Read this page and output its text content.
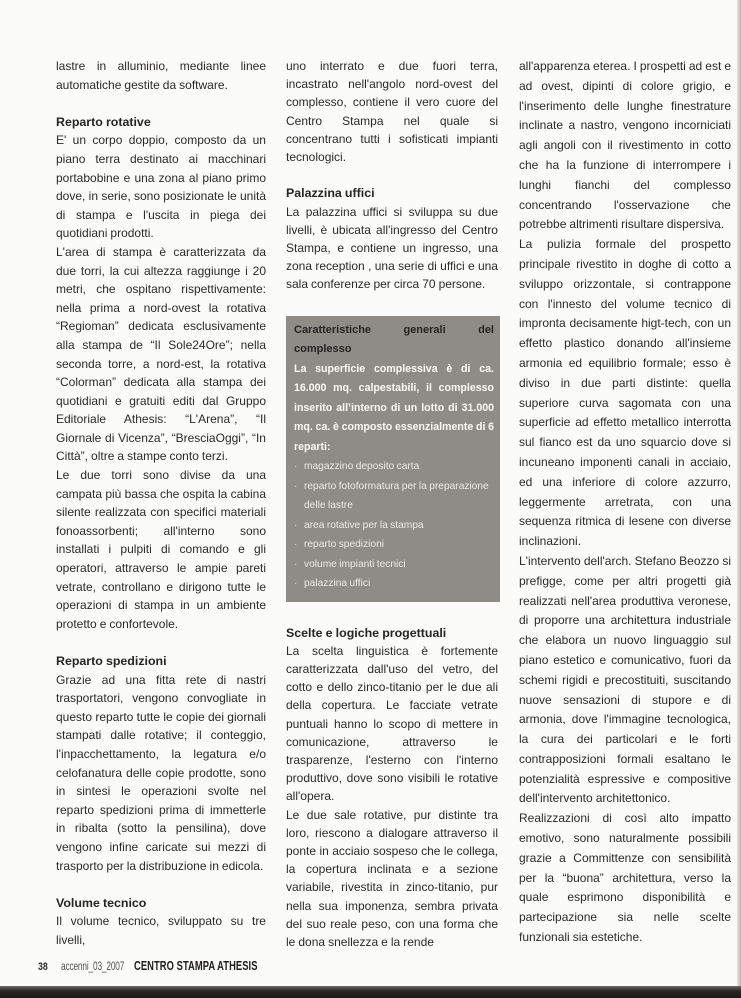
lastre in alluminio, mediante linee automatiche gestite da software.

Reparto rotative

E' un corpo doppio, composto da un piano terra destinato ai macchinari portabobine e una zona al piano primo dove, in serie, sono posizionate le unità di stampa e l'uscita in piega dei quotidiani prodotti.

L'area di stampa è caratterizzata da due torri, la cui altezza raggiunge i 20 metri, che ospitano rispettivamente: nella prima a nord-ovest la rotativa “Regioman” dedicata esclusivamente alla stampa de “Il Sole24Ore”; nella seconda torre, a nord-est, la rotativa “Colorman” dedicata alla stampa dei quotidiani e gratuiti editi dal Gruppo Editoriale Athesis: “L'Arena”, “Il Giornale di Vicenza”, “BresciaOggi”, “In Città”, oltre a stampe conto terzi.

Le due torri sono divise da una campata più bassa che ospita la cabina silente realizzata con specifici materiali fonoassorbenti; all'interno sono installati i pulpiti di comando e gli operatori, attraverso le ampie pareti vetrate, controllano e dirigono tutte le operazioni di stampa in un ambiente protetto e confortevole.

Reparto spedizioni

Grazie ad una fitta rete di nastri trasportatori, vengono convogliate in questo reparto tutte le copie dei giornali stampati dalle rotative; il conteggio, l'inpacchettamento, la legatura e/o celofanatura delle copie prodotte, sono in sintesi le operazioni svolte nel reparto spedizioni prima di immetterle in ribalta (sotto la pensilina), dove vengono infine caricate sui mezzi di trasporto per la distribuzione in edicola.

Volume tecnico

Il volume tecnico, sviluppato su tre livelli,

uno interrato e due fuori terra, incastrato nell'angolo nord-ovest del complesso, contiene il vero cuore del Centro Stampa nel quale si concentrano tutti i sofisticati impianti tecnologici.

Palazzina uffici

La palazzina uffici si sviluppa su due livelli, è ubicata all'ingresso del Centro Stampa, e contiene un ingresso, una zona reception , una serie di uffici e una sala conferenze per circa 70 persone.

Caratteristiche generali del complesso
La superficie complessiva è di ca. 16.000 mq. calpestabili, il complesso inserito all’interno di un lotto di 31.000 mq. ca. è composto essenzialmente di 6 reparti:
· magazzino deposito carta
· reparto fotoformatura per la preparazione delle lastre
· area rotative per la stampa
· reparto spedizioni
· volume impianti tecnici
· palazzina uffici
Scelte e logiche progettuali

La scelta linguistica è fortemente caratterizzata dall'uso del vetro, del cotto e dello zinco-titanio per le due ali della copertura. Le facciate vetrate puntuali hanno lo scopo di mettere in comunicazione, attraverso le trasparenze, l'esterno con l'interno produttivo, dove sono visibili le rotative all'opera.

Le due sale rotative, pur distinte tra loro, riescono a dialogare attraverso il ponte in acciaio sospeso che le collega, la copertura inclinata e a sezione variabile, rivestita in zinco-titanio, pur nella sua imponenza, sembra privata del suo reale peso, con una forma che le dona snellezza e la rende

all'apparenza eterea. I prospetti ad est e ad ovest, dipinti di colore grigio, e l'inserimento delle lunghe finestrature inclinate a nastro, vengono incorniciati agli angoli con il rivestimento in cotto che ha la funzione di interrompere i lunghi fianchi del complesso concentrando l'osservazione che potrebbe altrimenti risultare dispersiva.

La pulizia formale del prospetto principale rivestito in doghe di cotto a sviluppo orizzontale, si contrappone con l'innesto del volume tecnico di impronta decisamente higt-tech, con un effetto plastico donando all'insieme armonia ed equilibrio formale; esso è diviso in due parti distinte: quella superiore curva sagomata con una superficie ad effetto metallico interrotta sul fianco est da uno squarcio dove si incuneano imponenti canali in acciaio, ed una inferiore di colore azzurro, leggermente arretrata, con una sequenza ritmica di lesene con diverse inclinazioni.

L'intervento dell'arch. Stefano Beozzo si prefigge, come per altri progetti già realizzati nell'area produttiva veronese, di proporre una architettura industriale che elabora un nuovo linguaggio sul piano estetico e comunicativo, fuori da schemi rigidi e precostituiti, suscitando nuove sensazioni di stupore e di armonia, dove l'immagine tecnologica, la cura dei particolari e le forti contrapposizioni formali esaltano le potenzialità espressive e compositive dell'intervento architettonico.

Realizzazioni di così alto impatto emotivo, sono naturalmente possibili grazie a Committenze con sensibilità per la “buona” architettura, verso la quale esprimono disponibilità e partecipazione sia nelle scelte funzionali sia estetiche.

38 accenni_03_2007 CENTRO STAMPA ATHESIS
